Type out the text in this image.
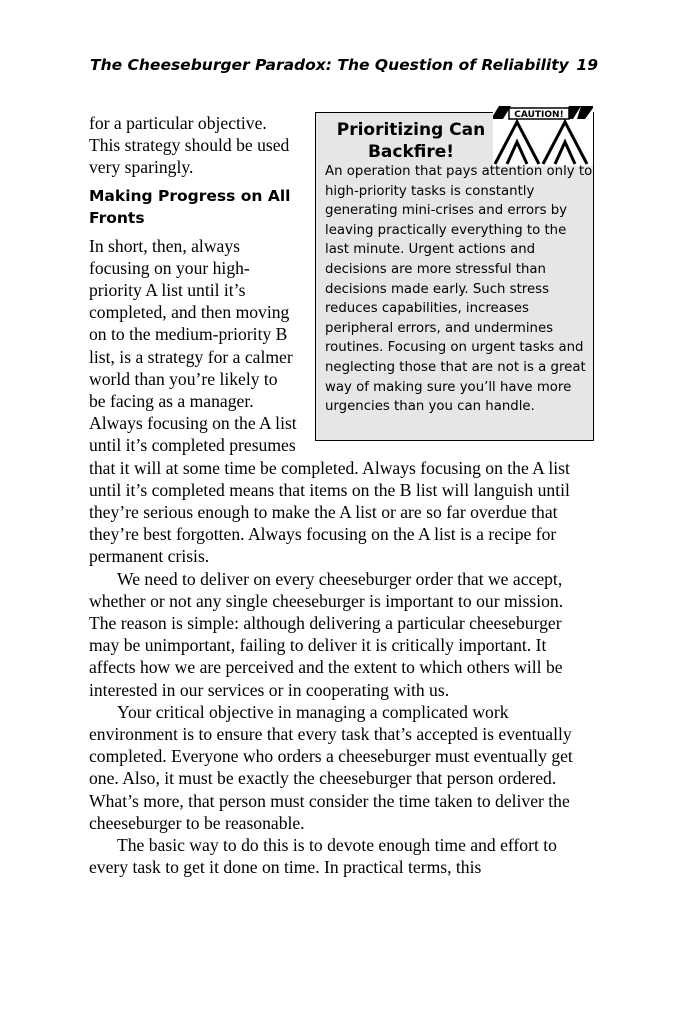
The Cheeseburger Paradox: The Question of Reliability 19
Prioritizing Can Backfire!
CAUTION!
An operation that pays attention only to high-priority tasks is constantly generating mini-crises and errors by leaving practically everything to the last minute. Urgent actions and decisions are more stressful than decisions made early. Such stress reduces capabilities, increases peripheral errors, and undermines routines. Focusing on urgent tasks and neglecting those that are not is a great way of making sure you’ll have more urgencies than you can handle.

for a particular objective. This strategy should be used very sparingly.

Making Progress on All Fronts

In short, then, always focusing on your high-priority A list until it’s completed, and then moving on to the medium-priority B list, is a strategy for a calmer world than you’re likely to be facing as a manager. Always focusing on the A list until it’s completed presumes that it will at some time be completed. Always focusing on the A list until it’s completed means that items on the B list will languish until they’re serious enough to make the A list or are so far overdue that they’re best forgotten. Always focusing on the A list is a recipe for permanent crisis.

We need to deliver on every cheeseburger order that we accept, whether or not any single cheeseburger is important to our mission. The reason is simple: although delivering a particular cheeseburger may be unimportant, failing to deliver it is critically important. It affects how we are perceived and the extent to which others will be interested in our services or in cooperating with us.

Your critical objective in managing a complicated work environment is to ensure that every task that’s accepted is eventually completed. Everyone who orders a cheeseburger must eventually get one. Also, it must be exactly the cheeseburger that person ordered. What’s more, that person must consider the time taken to deliver the cheeseburger to be reasonable.

The basic way to do this is to devote enough time and effort to every task to get it done on time. In practical terms, this
